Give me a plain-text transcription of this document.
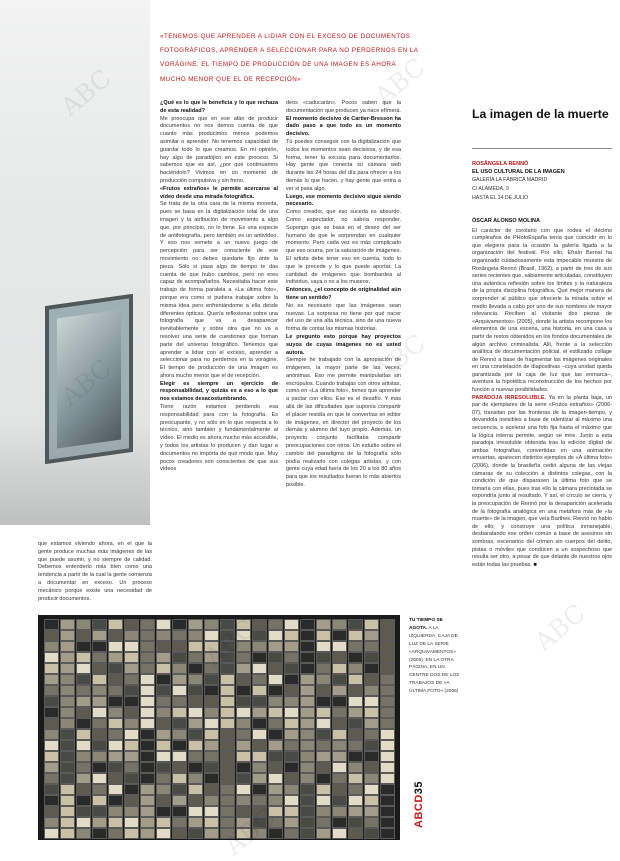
«TENEMOS QUE APRENDER A LIDIAR CON EL EXCESO DE DOCUMENTOS FOTOGRÁFICOS, APRENDER A SELECCIONAR PARA NO PERDERNOS EN LA VORÁGINE. EL TIEMPO DE PRODUCCIÓN DE UNA IMAGEN ES AHORA MUCHO MENOR QUE EL DE RECEPCIÓN»

¿Qué es lo que le beneficia y lo que rechaza de esta realidad?

Me preocupa que en ese afán de producir documentos no nos demos cuenta de que cuanto más producimos menos podemos asimilar o aprender. No tenemos capacidad de guardar todo lo que creamos. En mi opinión, hay algo de paradójico en este proceso. Si sabemos que es así, ¿por qué continuamos haciéndolo? Vivimos en un momento de producción compulsiva y sin freno.

«Frutos extraños» le permite acercarse al vídeo desde una mirada fotográfica.

Se trata de la otra cara de la misma moneda, pues se basa en la digitalización total de una imagen y la atribución de movimiento a algo que, por principio, no lo tiene. Es una especie de antifotografía, pero también es un antivídeo. Y eso nos somete a un nuevo juego de percepción para ser consciente de ese movimiento no debes quedarte fijo ante la pieza. Sólo si pasa algo de tiempo te das cuenta de que hubo cambios, pero no eres capaz de acompañarlos. Necesitaba hacer este trabajo de forma paralela a «La última foto», porque era como si pudiera trabajar sobre la misma idea pero enfrentándome a ella desde diferentes ópticas. Quería reflexionar sobre una fotografía que va a desaparecer inevitablemente y sobre otra que no va a resolver una serie de cuestiones que forman parte del universo fotográfico. Tenemos que aprender a lidiar con el exceso, aprender a seleccionar para no perdernos en la vorágine. El tiempo de producción de una imagen es ahora mucho menor que el de recepción.

Elegir es siempre un ejercicio de responsabilidad, y quizás es a eso a lo que nos estamos desacostumbrando.

Tiene razón estamos perdiendo esa responsabilidad para con la fotografía. Es preocupante, y no sólo en lo que respecta a lo técnico, sino también y fundamentalmente al vídeo. El medio es ahora mucho más accesible, y todos los artistas lo producen y dan lugar a documentos no importa de qué modo que. Muy pocos creadores son conscientes de que sus vídeos

deos «caducarán». Pocos saben que la documentación que producen ya nace efímera.

El momento decisivo de Cartier-Bresson ha dado paso a que todo es un momento decisivo.

Tú puedes conseguir con la digitalización que todos los momentos sean decisivos, y de esa forma, tener la excusa para documentarlos. Hay gente que conecta su cámara web durante las 24 horas del día para ofrecer a los demás lo que hacen, y hay gente que entra a ver si pasa algo.

Luego, ese momento decisivo sigue siendo necesario.

Como creador, que eso suceda es absurdo. Como espectador, no sabría responder. Supongo que se basa en el deseo del ser humano de que le sorprendan en cualquier momento. Pero cada vez es más complicado que eso ocurra, por la saturación de imágenes. El artista debe tener eso en cuenta, todo lo que le precede y lo que puede aportar. La cantidad de imágenes que bombardea al individuo, vaya o no a los museos.

Entonces, ¿el concepto de originalidad aún tiene un sentido?

No es necesario que las imágenes sean nuevas. La sorpresa no tiene por qué nacer del uso de una alta técnica, sino de una nueva forma de contar las mismas historias.

Le pregunto esto porque hay proyectos suyos de cuyas imágenes no es usted autora.

Siempre he trabajado con la apropiación de imágenes, la mayor parte de las veces, anónimas. Eso me permite manipularlas sin escrúpulos. Cuando trabajas con otros artistas, como en «La última foto», tienes que aprender a pactar con ellos. Ese es el desafío. Y más allá de las dificultades que suponía compartir el placer residía en que te convertías en editor de imágenes, en director del proyecto de los demás y alumno del tuyo propio. Además, un proyecto conjunto facilitaba compartir preocupaciones con otros. Un estudio sobre el cambio del paradigma de la fotografía sólo podía realizarlo con colegas artistas, y con gente cuya edad fuera de los 20 a los 80 años para que los resultados fueran lo más abiertos posible.

que estamos viviendo ahora, en el que la gente produce muchas más imágenes de las que puede asumir, y no siempre de calidad. Debemos entenderlo más bien como una tendencia a partir de la cual la gente comienza a documentar en exceso. Un proceso mecánico porque existe una necesidad de producir documentos.

La imagen de la muerte
ROSÂNGELA RENNÓ
EL USO CULTURAL DE LA IMAGEN
GALERÍA LA FÁBRICA MADRID
C/ ALAMEDA, 9
HASTA EL 14 DE JULIO

ÓSCAR ALONSO MOLINA

El carácter de corolario con que rodea el décimo cumpleaños de PHotoEspaña tenía que coincidir en lo que elegiera para la ocasión la galería ligada a la organización del festival. Por ello, Efraín Bernal ha organizado cuidadosamente esta impecable muestra de Rosângela Rennó (Brasil, 1962), a partir de tres de sus series recientes que, sabiamente articuladas, constituyen una auténtica reflexión sobre los límites y la naturaleza de la propia disciplina fotográfica. Qué mejor manera de sorprender al público que ofrecerle la mirada sobre el medio llevada a cabo por uno de sus nombres de mayor relevancia. Reciben al visitante dos piezas de «Arquivamentos» (2005), donde la artista recompone los elementos de una escena, una historia, en una casa a partir de restos obtenidos en los fondos documentales de algún archivo criminalista. Allí, frente a la selección analítica de documentación policial, el estilizado collage de Rennó a base de fragmentar las imágenes originales en una constelación de diapositivas –cuya unidad queda garantizada por la caja de luz que las enmarca–, aventura la hipotética reconstrucción de los hechos por función a nuevas posibilidades.

PARADOJA IRRESOLUBLE. Ya en la planta baja, un par de ejemplares de la serie «Frutos extraños» (2006-07), transitan por las fronteras de la imagen-tiempo, y devandola invisibles a base de ralentizar al máximo una secuencia, o acelerar una foto fija hasta el máximo que la lógica interna permite, según se mire. Junto a esta paradoja irresoluble obtenida tras la edición digital de ambas fotografías, convertidas en una animación emuertas, aparecen distintos ejemplos de «A última foto» (2006), donde la brasileña cedió alguna de las viejas cámaras de su colección a distintos colegas, con la condición de que disparasen la última foto que se tomaría con ellas, pues tras ello la cámara precintada se expondría junto al resultado. Y así, el círculo se cierra, y la preocupación de Rennó por la desaparición acelerada de la fotografía analógica en una metáfora más de «la muerte» de la imagen, que veía Barthes. Rennó no hablo de ello, y construye una política inmanejable, desbaratando ese orden común a base de asesinos sin sombras, escenarios del crimen sin cuerpos del delito, pistas o móviles que conducen a un sospechoso que resulta ser otro, a pesar de que delante de nuestros ojos están todas las pruebas. ■

TU TIEMPO SE AGOTA. A LA IZQUIERDA, CAJA DE LUZ DE LA SERIE «ARQUIVAMENTOS» (2005). EN LA OTRA PÁGINA, EN UN CENTRE DOS DE LOS TRABAJOS DE «A ÚLTIMA FOTO» (2006)
ABCD35
ABC
ABC
ABC
